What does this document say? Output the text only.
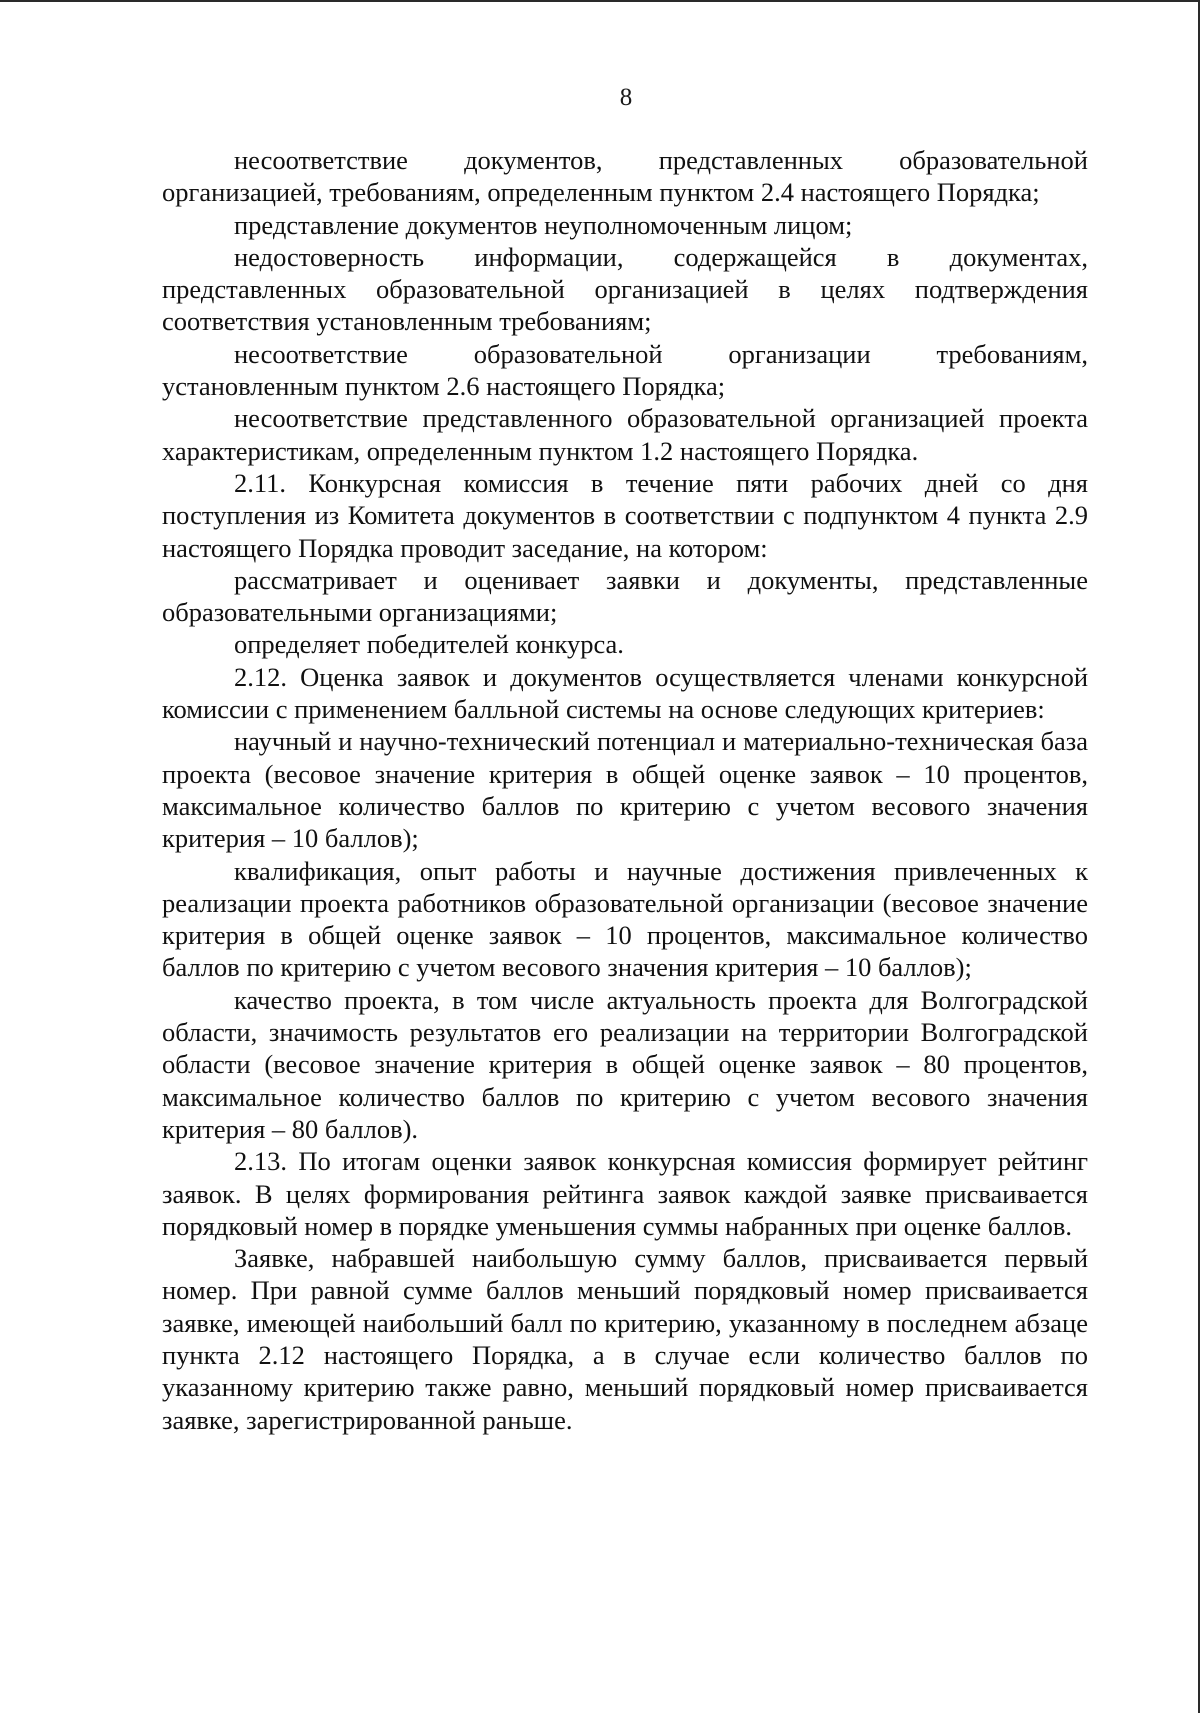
8

несоответствие документов, представленных образовательной организацией, требованиям, определенным пунктом 2.4 настоящего Порядка;

представление документов неуполномоченным лицом;

недостоверность информации, содержащейся в документах, представленных образовательной организацией в целях подтверждения соответствия установленным требованиям;

несоответствие образовательной организации требованиям, установленным пунктом 2.6 настоящего Порядка;

несоответствие представленного образовательной организацией проекта характеристикам, определенным пунктом 1.2 настоящего Порядка.

2.11. Конкурсная комиссия в течение пяти рабочих дней со дня поступления из Комитета документов в соответствии с подпунктом 4 пункта 2.9 настоящего Порядка проводит заседание, на котором:

рассматривает и оценивает заявки и документы, представленные образовательными организациями;

определяет победителей конкурса.

2.12. Оценка заявок и документов осуществляется членами конкурсной комиссии с применением балльной системы на основе следующих критериев:

научный и научно-технический потенциал и материально-техническая база проекта (весовое значение критерия в общей оценке заявок – 10 процентов, максимальное количество баллов по критерию с учетом весового значения критерия – 10 баллов);

квалификация, опыт работы и научные достижения привлеченных к реализации проекта работников образовательной организации (весовое значение критерия в общей оценке заявок – 10 процентов, максимальное количество баллов по критерию с учетом весового значения критерия – 10 баллов);

качество проекта, в том числе актуальность проекта для Волгоградской области, значимость результатов его реализации на территории Волгоградской области (весовое значение критерия в общей оценке заявок – 80 процентов, максимальное количество баллов по критерию с учетом весового значения критерия – 80 баллов).

2.13. По итогам оценки заявок конкурсная комиссия формирует рейтинг заявок. В целях формирования рейтинга заявок каждой заявке присваивается порядковый номер в порядке уменьшения суммы набранных при оценке баллов.

Заявке, набравшей наибольшую сумму баллов, присваивается первый номер. При равной сумме баллов меньший порядковый номер присваивается заявке, имеющей наибольший балл по критерию, указанному в последнем абзаце пункта 2.12 настоящего Порядка, а в случае если количество баллов по указанному критерию также равно, меньший порядковый номер присваивается заявке, зарегистрированной раньше.
